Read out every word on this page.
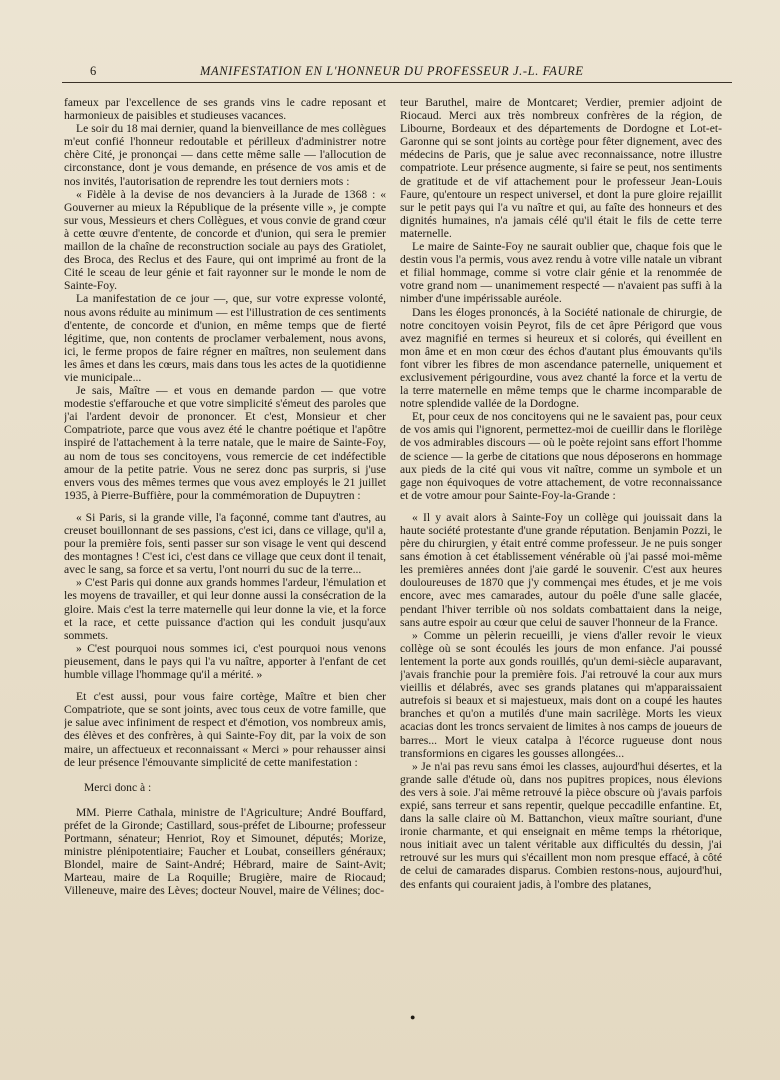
6	MANIFESTATION EN L'HONNEUR DU PROFESSEUR J.-L. FAURE

fameux par l'excellence de ses grands vins le cadre reposant et harmonieux de paisibles et studieuses vacances.

Le soir du 18 mai dernier, quand la bienveillance de mes collègues m'eut confié l'honneur redoutable et périlleux d'administrer notre chère Cité, je prononçai — dans cette même salle — l'allocution de circonstance, dont je vous demande, en présence de vos amis et de nos invités, l'autorisation de reprendre les tout derniers mots :

« Fidèle à la devise de nos devanciers à la Jurade de 1368 : « Gouverner au mieux la République de la présente ville », je compte sur vous, Messieurs et chers Collègues, et vous convie de grand cœur à cette œuvre d'entente, de concorde et d'union, qui sera le premier maillon de la chaîne de reconstruction sociale au pays des Gratiolet, des Broca, des Reclus et des Faure, qui ont imprimé au front de la Cité le sceau de leur génie et fait rayonner sur le monde le nom de Sainte-Foy.

La manifestation de ce jour —, que, sur votre expresse volonté, nous avons réduite au minimum — est l'illustration de ces sentiments d'entente, de concorde et d'union, en même temps que de fierté légitime, que, non contents de proclamer verbalement, nous avons, ici, le ferme propos de faire régner en maîtres, non seulement dans les âmes et dans les cœurs, mais dans tous les actes de la quotidienne vie municipale...

Je sais, Maître — et vous en demande pardon — que votre modestie s'effarouche et que votre simplicité s'émeut des paroles que j'ai l'ardent devoir de prononcer. Et c'est, Monsieur et cher Compatriote, parce que vous avez été le chantre poétique et l'apôtre inspiré de l'attachement à la terre natale, que le maire de Sainte-Foy, au nom de tous ses concitoyens, vous remercie de cet indéfectible amour de la petite patrie. Vous ne serez donc pas surpris, si j'use envers vous des mêmes termes que vous avez employés le 21 juillet 1935, à Pierre-Buffière, pour la commémoration de Dupuytren :

« Si Paris, si la grande ville, l'a façonné, comme tant d'autres, au creuset bouillonnant de ses passions, c'est ici, dans ce village, qu'il a, pour la première fois, senti passer sur son visage le vent qui descend des montagnes ! C'est ici, c'est dans ce village que ceux dont il tenait, avec le sang, sa force et sa vertu, l'ont nourri du suc de la terre...

» C'est Paris qui donne aux grands hommes l'ardeur, l'émulation et les moyens de travailler, et qui leur donne aussi la consécration de la gloire. Mais c'est la terre maternelle qui leur donne la vie, et la force et la race, et cette puissance d'action qui les conduit jusqu'aux sommets.

» C'est pourquoi nous sommes ici, c'est pourquoi nous venons pieusement, dans le pays qui l'a vu naître, apporter à l'enfant de cet humble village l'hommage qu'il a mérité. »

Et c'est aussi, pour vous faire cortège, Maître et bien cher Compatriote, que se sont joints, avec tous ceux de votre famille, que je salue avec infiniment de respect et d'émotion, vos nombreux amis, des élèves et des confrères, à qui Sainte-Foy dit, par la voix de son maire, un affectueux et reconnaissant « Merci » pour rehausser ainsi de leur présence l'émouvante simplicité de cette manifestation :

Merci donc à :

MM. Pierre Cathala, ministre de l'Agriculture; André Bouffard, préfet de la Gironde; Castillard, sous-préfet de Libourne; professeur Portmann, sénateur; Henriot, Roy et Simounet, députés; Morize, ministre plénipotentiaire; Faucher et Loubat, conseillers généraux; Blondel, maire de Saint-André; Hébrard, maire de Saint-Avit; Marteau, maire de La Roquille; Brugière, maire de Riocaud; Villeneuve, maire des Lèves; docteur Nouvel, maire de Vélines; doc-

teur Baruthel, maire de Montcaret; Verdier, premier adjoint de Riocaud. Merci aux très nombreux confrères de la région, de Libourne, Bordeaux et des départements de Dordogne et Lot-et-Garonne qui se sont joints au cortège pour fêter dignement, avec des médecins de Paris, que je salue avec reconnaissance, notre illustre compatriote. Leur présence augmente, si faire se peut, nos sentiments de gratitude et de vif attachement pour le professeur Jean-Louis Faure, qu'entoure un respect universel, et dont la pure gloire rejaillit sur le petit pays qui l'a vu naître et qui, au faîte des honneurs et des dignités humaines, n'a jamais célé qu'il était le fils de cette terre maternelle.

Le maire de Sainte-Foy ne saurait oublier que, chaque fois que le destin vous l'a permis, vous avez rendu à votre ville natale un vibrant et filial hommage, comme si votre clair génie et la renommée de votre grand nom — unanimement respecté — n'avaient pas suffi à la nimber d'une impérissable auréole.

Dans les éloges prononcés, à la Société nationale de chirurgie, de notre concitoyen voisin Peyrot, fils de cet âpre Périgord que vous avez magnifié en termes si heureux et si colorés, qui éveillent en mon âme et en mon cœur des échos d'autant plus émouvants qu'ils font vibrer les fibres de mon ascendance paternelle, uniquement et exclusivement périgourdine, vous avez chanté la force et la vertu de la terre maternelle en même temps que le charme incomparable de notre splendide vallée de la Dordogne.

Et, pour ceux de nos concitoyens qui ne le savaient pas, pour ceux de vos amis qui l'ignorent, permettez-moi de cueillir dans le florilège de vos admirables discours — où le poète rejoint sans effort l'homme de science — la gerbe de citations que nous déposerons en hommage aux pieds de la cité qui vous vit naître, comme un symbole et un gage non équivoques de votre attachement, de votre reconnaissance et de votre amour pour Sainte-Foy-la-Grande :

« Il y avait alors à Sainte-Foy un collège qui jouissait dans la haute société protestante d'une grande réputation. Benjamin Pozzi, le père du chirurgien, y était entré comme professeur. Je ne puis songer sans émotion à cet établissement vénérable où j'ai passé moi-même les premières années dont j'aie gardé le souvenir. C'est aux heures douloureuses de 1870 que j'y commençai mes études, et je me vois encore, avec mes camarades, autour du poêle d'une salle glacée, pendant l'hiver terrible où nos soldats combattaient dans la neige, sans autre espoir au cœur que celui de sauver l'honneur de la France.

» Comme un pèlerin recueilli, je viens d'aller revoir le vieux collège où se sont écoulés les jours de mon enfance. J'ai poussé lentement la porte aux gonds rouillés, qu'un demi-siècle auparavant, j'avais franchie pour la première fois. J'ai retrouvé la cour aux murs vieillis et délabrés, avec ses grands platanes qui m'apparaissaient autrefois si beaux et si majestueux, mais dont on a coupé les hautes branches et qu'on a mutilés d'une main sacrilège. Morts les vieux acacias dont les troncs servaient de limites à nos camps de joueurs de barres... Mort le vieux catalpa à l'écorce rugueuse dont nous transformions en cigares les gousses allongées...

» Je n'ai pas revu sans émoi les classes, aujourd'hui désertes, et la grande salle d'étude où, dans nos pupitres propices, nous élevions des vers à soie. J'ai même retrouvé la pièce obscure où j'avais parfois expié, sans terreur et sans repentir, quelque peccadille enfantine. Et, dans la salle claire où M. Battanchon, vieux maître souriant, d'une ironie charmante, et qui enseignait en même temps la rhétorique, nous initiait avec un talent véritable aux difficultés du dessin, j'ai retrouvé sur les murs qui s'écaillent mon nom presque effacé, à côté de celui de camarades disparus. Combien restons-nous, aujourd'hui, des enfants qui couraient jadis, à l'ombre des platanes,

●
